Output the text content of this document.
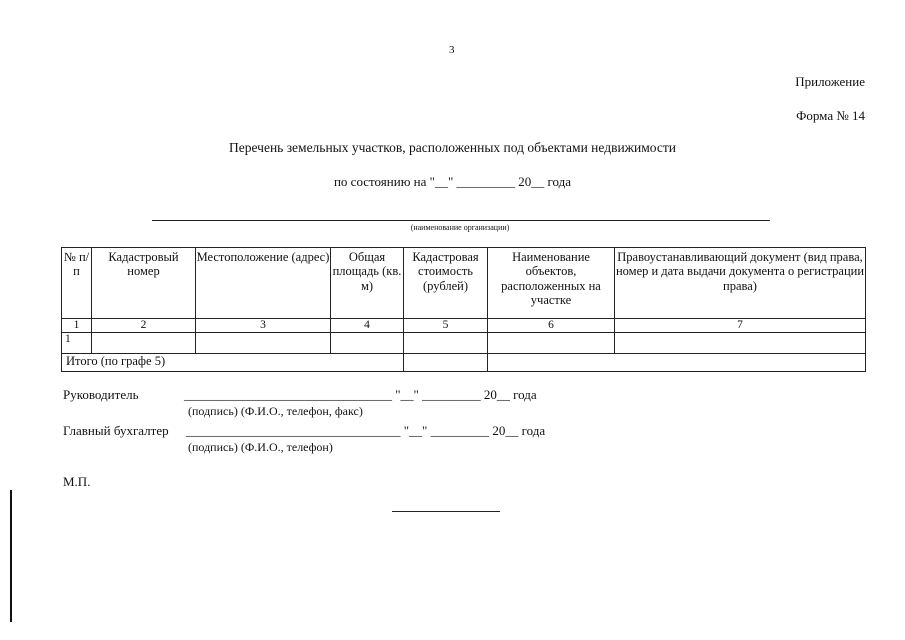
3
Приложение
Форма № 14
Перечень земельных участков, расположенных под объектами недвижимости
по состоянию на "__" _________ 20__ года
(наименование организации)
№ п/п	Кадастровый номер	Местоположение (адрес)	Общая площадь (кв. м)	Кадастровая стоимость (рублей)	Наименование объектов, расположенных на участке	Правоустанавливающий документ (вид права, номер и дата выдачи документа о регистрации права)
1	2	3	4	5	6	7
1						
Итого (по графе 5)						
Руководитель	________________________________ "__" _________ 20__ года
(подпись) (Ф.И.О., телефон, факс)
Главный бухгалтер _________________________________ "__" _________ 20__ года
(подпись) (Ф.И.О., телефон)
М.П.
